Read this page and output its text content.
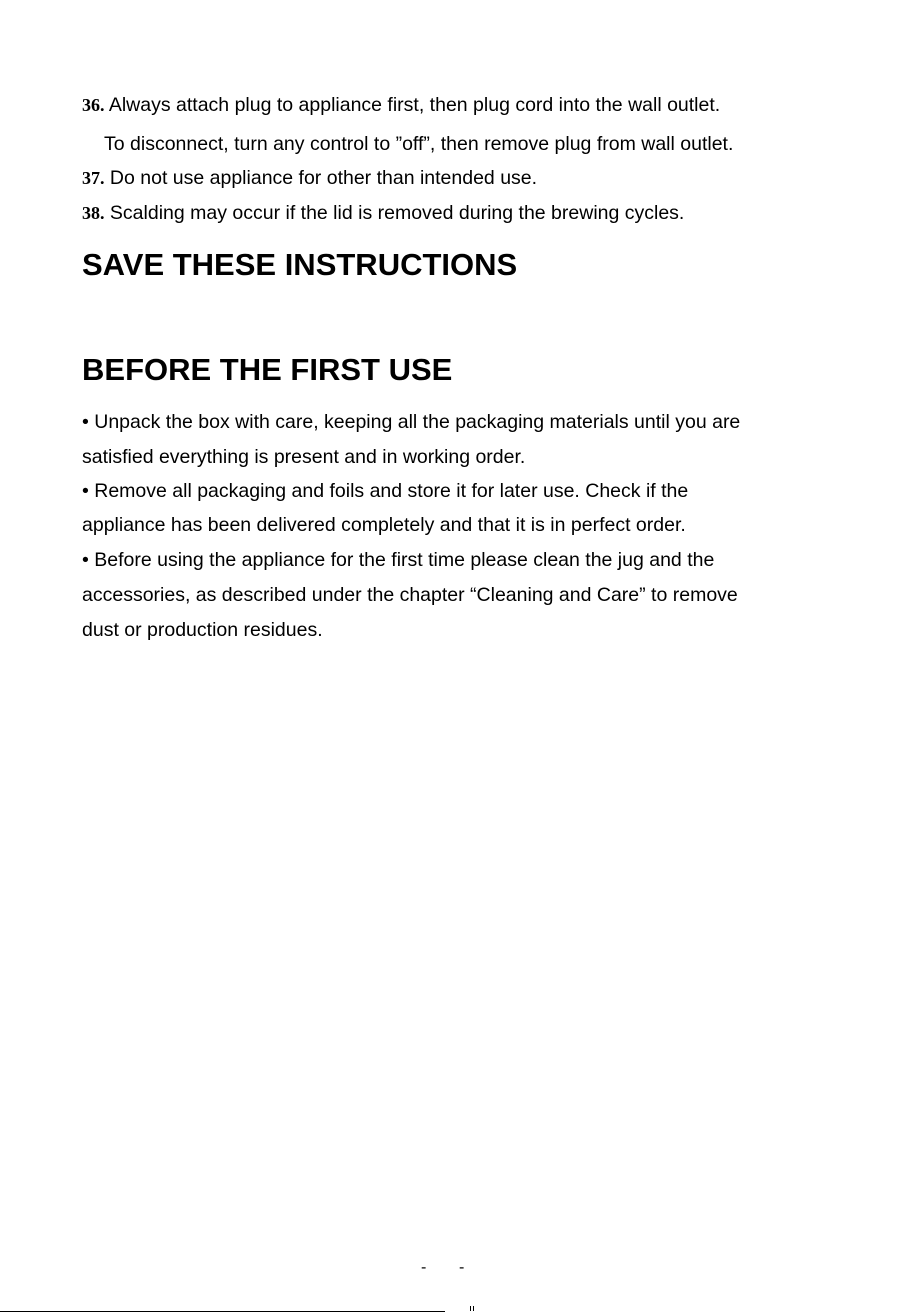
36. Always attach plug to appliance first, then plug cord into the wall outlet.
To disconnect, turn any control to ”off”, then remove plug from wall outlet.
37. Do not use appliance for other than intended use.
38. Scalding may occur if the lid is removed during the brewing cycles.
SAVE THESE INSTRUCTIONS
BEFORE THE FIRST USE
• Unpack the box with care, keeping all the packaging materials until you are
satisfied everything is present and in working order.
• Remove all packaging and foils and store it for later use. Check if the
appliance has been delivered completely and that it is in perfect order.
• Before using the appliance for the first time please clean the jug and the
accessories, as described under the chapter “Cleaning and Care” to remove
dust or production residues.
- -
